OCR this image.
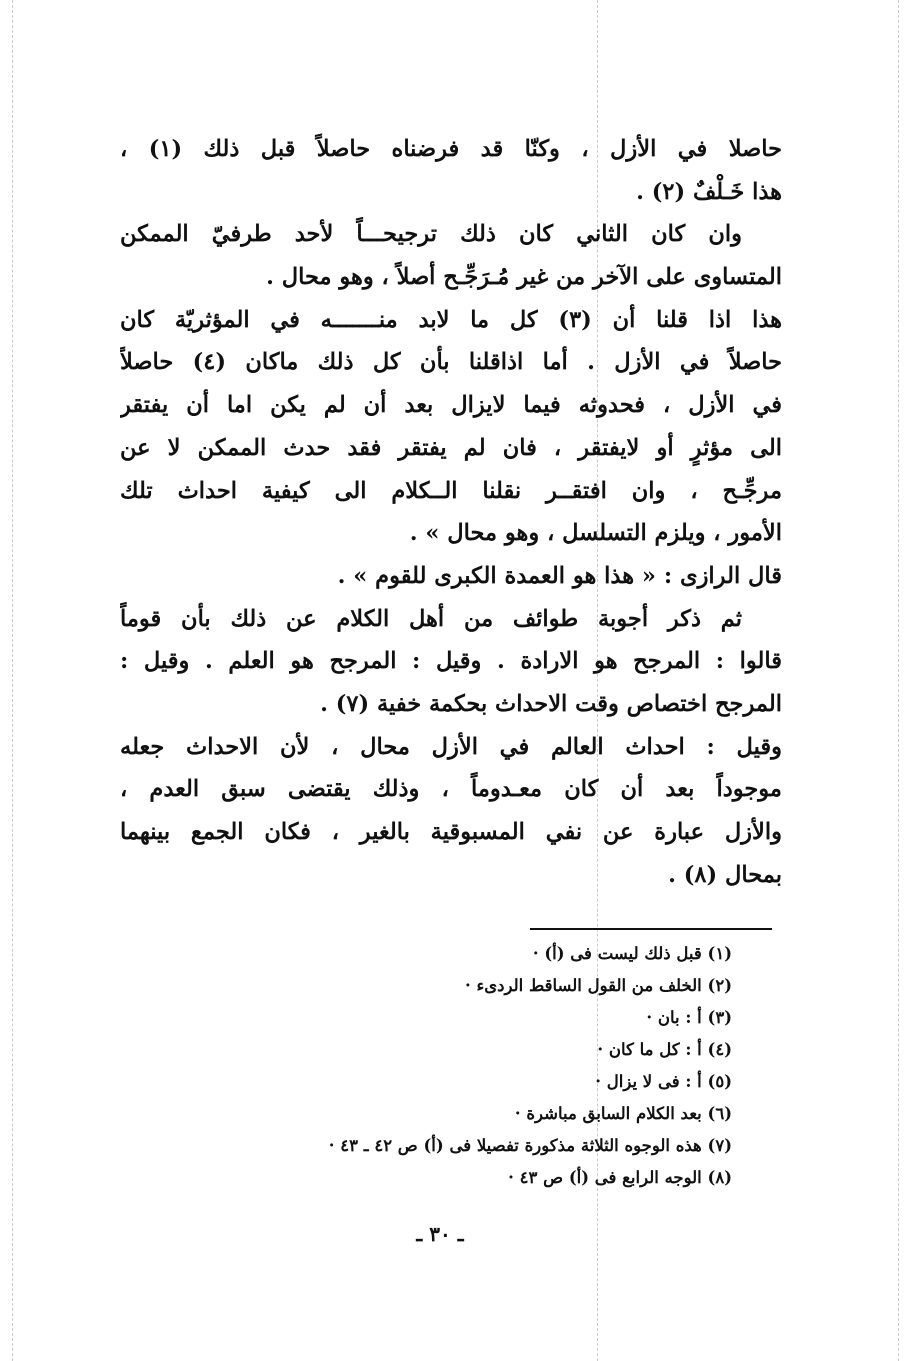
حاصلا في الأزل ، وكنّا قد فرضناه حاصلاً قبل ذلك (١) ،
هذا خَـلْفٌ (٢) .
وان كان الثاني كان ذلك ترجيحـــاً لأحد طرفيّ الممكن
المتساوى على الآخر من غير مُـرَجِّـح أصلاً ، وهو محال .
هذا اذا قلنا أن (٣) كل ما لابد منـــــــه في المؤثريّة كان
حاصلاً في الأزل . أما اذاقلنا بأن كل ذلك ماكان (٤) حاصلاً
في الأزل ، فحدوثه فيما لايزال بعد أن لم يكن اما أن يفتقر
الى مؤثرٍ أو لايفتقر ، فان لم يفتقر فقد حدث الممكن لا عن
مرجِّـح ، وان افتقــر نقلنا الــكلام الى كيفية احداث تلك
الأمور ، ويلزم التسلسل ، وهو محال » .
قال الرازى : « هذا هو العمدة الكبرى للقوم » .
ثم ذكر أجوبة طوائف من أهل الكلام عن ذلك بأن قوماً
قالوا : المرجح هو الارادة . وقيل : المرجح هو العلم . وقيل :
المرجح اختصاص وقت الاحداث بحكمة خفية (٧) .
وقيل : احداث العالم في الأزل محال ، لأن الاحداث جعله
موجوداً بعد أن كان معـدوماً ، وذلك يقتضى سبق العدم ،
والأزل عبارة عن نفي المسبوقية بالغير ، فكان الجمع بينهما
بمحال (٨) .
(١) قبل ذلك ليست فى (أ) ·
(٢) الخلف من القول الساقط الردىء ·
(٣) أ : بان ·
(٤) أ : كل ما كان ·
(٥) أ : فى لا يزال ·
(٦) بعد الكلام السابق مباشرة ·
(٧) هذه الوجوه الثلاثة مذكورة تفصيلا فى (أ) ص ٤٢ ـ ٤٣ ·
(٨) الوجه الرابع فى (أ) ص ٤٣ ·
ـ ٣٠ ـ
